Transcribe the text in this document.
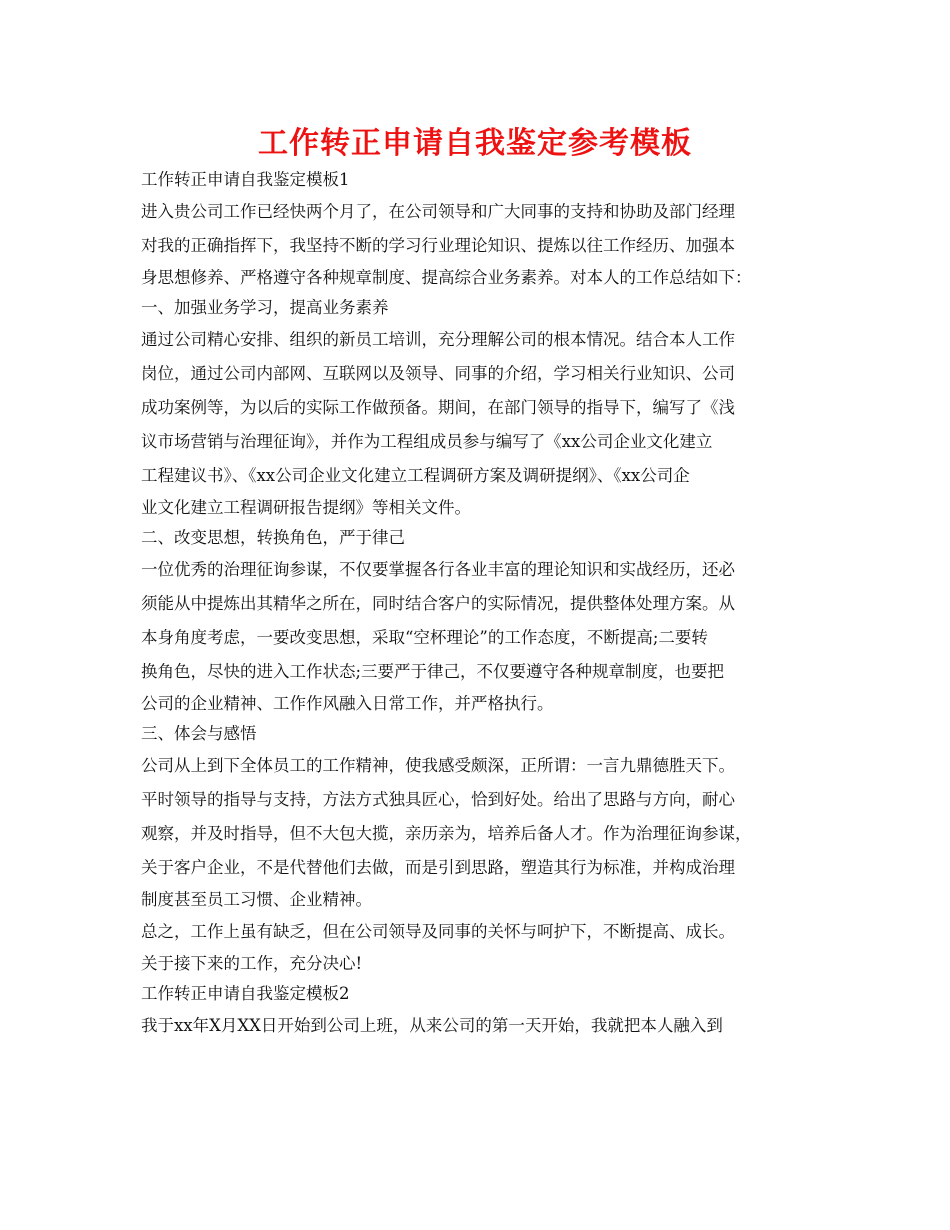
工作转正申请自我鉴定参考模板
工作转正申请自我鉴定模板1
进入贵公司工作已经快两个月了，在公司领导和广大同事的支持和协助及部门经理
对我的正确指挥下，我坚持不断的学习行业理论知识、提炼以往工作经历、加强本
身思想修养、严格遵守各种规章制度、提高综合业务素养。对本人的工作总结如下：
一、加强业务学习，提高业务素养
通过公司精心安排、组织的新员工培训，充分理解公司的根本情况。结合本人工作
岗位，通过公司内部网、互联网以及领导、同事的介绍，学习相关行业知识、公司
成功案例等，为以后的实际工作做预备。期间，在部门领导的指导下，编写了《浅
议市场营销与治理征询》，并作为工程组成员参与编写了《xx公司企业文化建立
工程建议书》、《xx公司企业文化建立工程调研方案及调研提纲》、《xx公司企
业文化建立工程调研报告提纲》等相关文件。
二、改变思想，转换角色，严于律己
一位优秀的治理征询参谋，不仅要掌握各行各业丰富的理论知识和实战经历，还必
须能从中提炼出其精华之所在，同时结合客户的实际情况，提供整体处理方案。从
本身角度考虑，一要改变思想，采取“空杯理论”的工作态度，不断提高;二要转
换角色，尽快的进入工作状态;三要严于律己，不仅要遵守各种规章制度，也要把
公司的企业精神、工作作风融入日常工作，并严格执行。
三、体会与感悟
公司从上到下全体员工的工作精神，使我感受颇深，正所谓：一言九鼎德胜天下。
平时领导的指导与支持，方法方式独具匠心，恰到好处。给出了思路与方向，耐心
观察，并及时指导，但不大包大揽，亲历亲为，培养后备人才。作为治理征询参谋，
关于客户企业，不是代替他们去做，而是引到思路，塑造其行为标准，并构成治理
制度甚至员工习惯、企业精神。
总之，工作上虽有缺乏，但在公司领导及同事的关怀与呵护下，不断提高、成长。
关于接下来的工作，充分决心!
工作转正申请自我鉴定模板2
我于xx年X月XX日开始到公司上班，从来公司的第一天开始，我就把本人融入到
